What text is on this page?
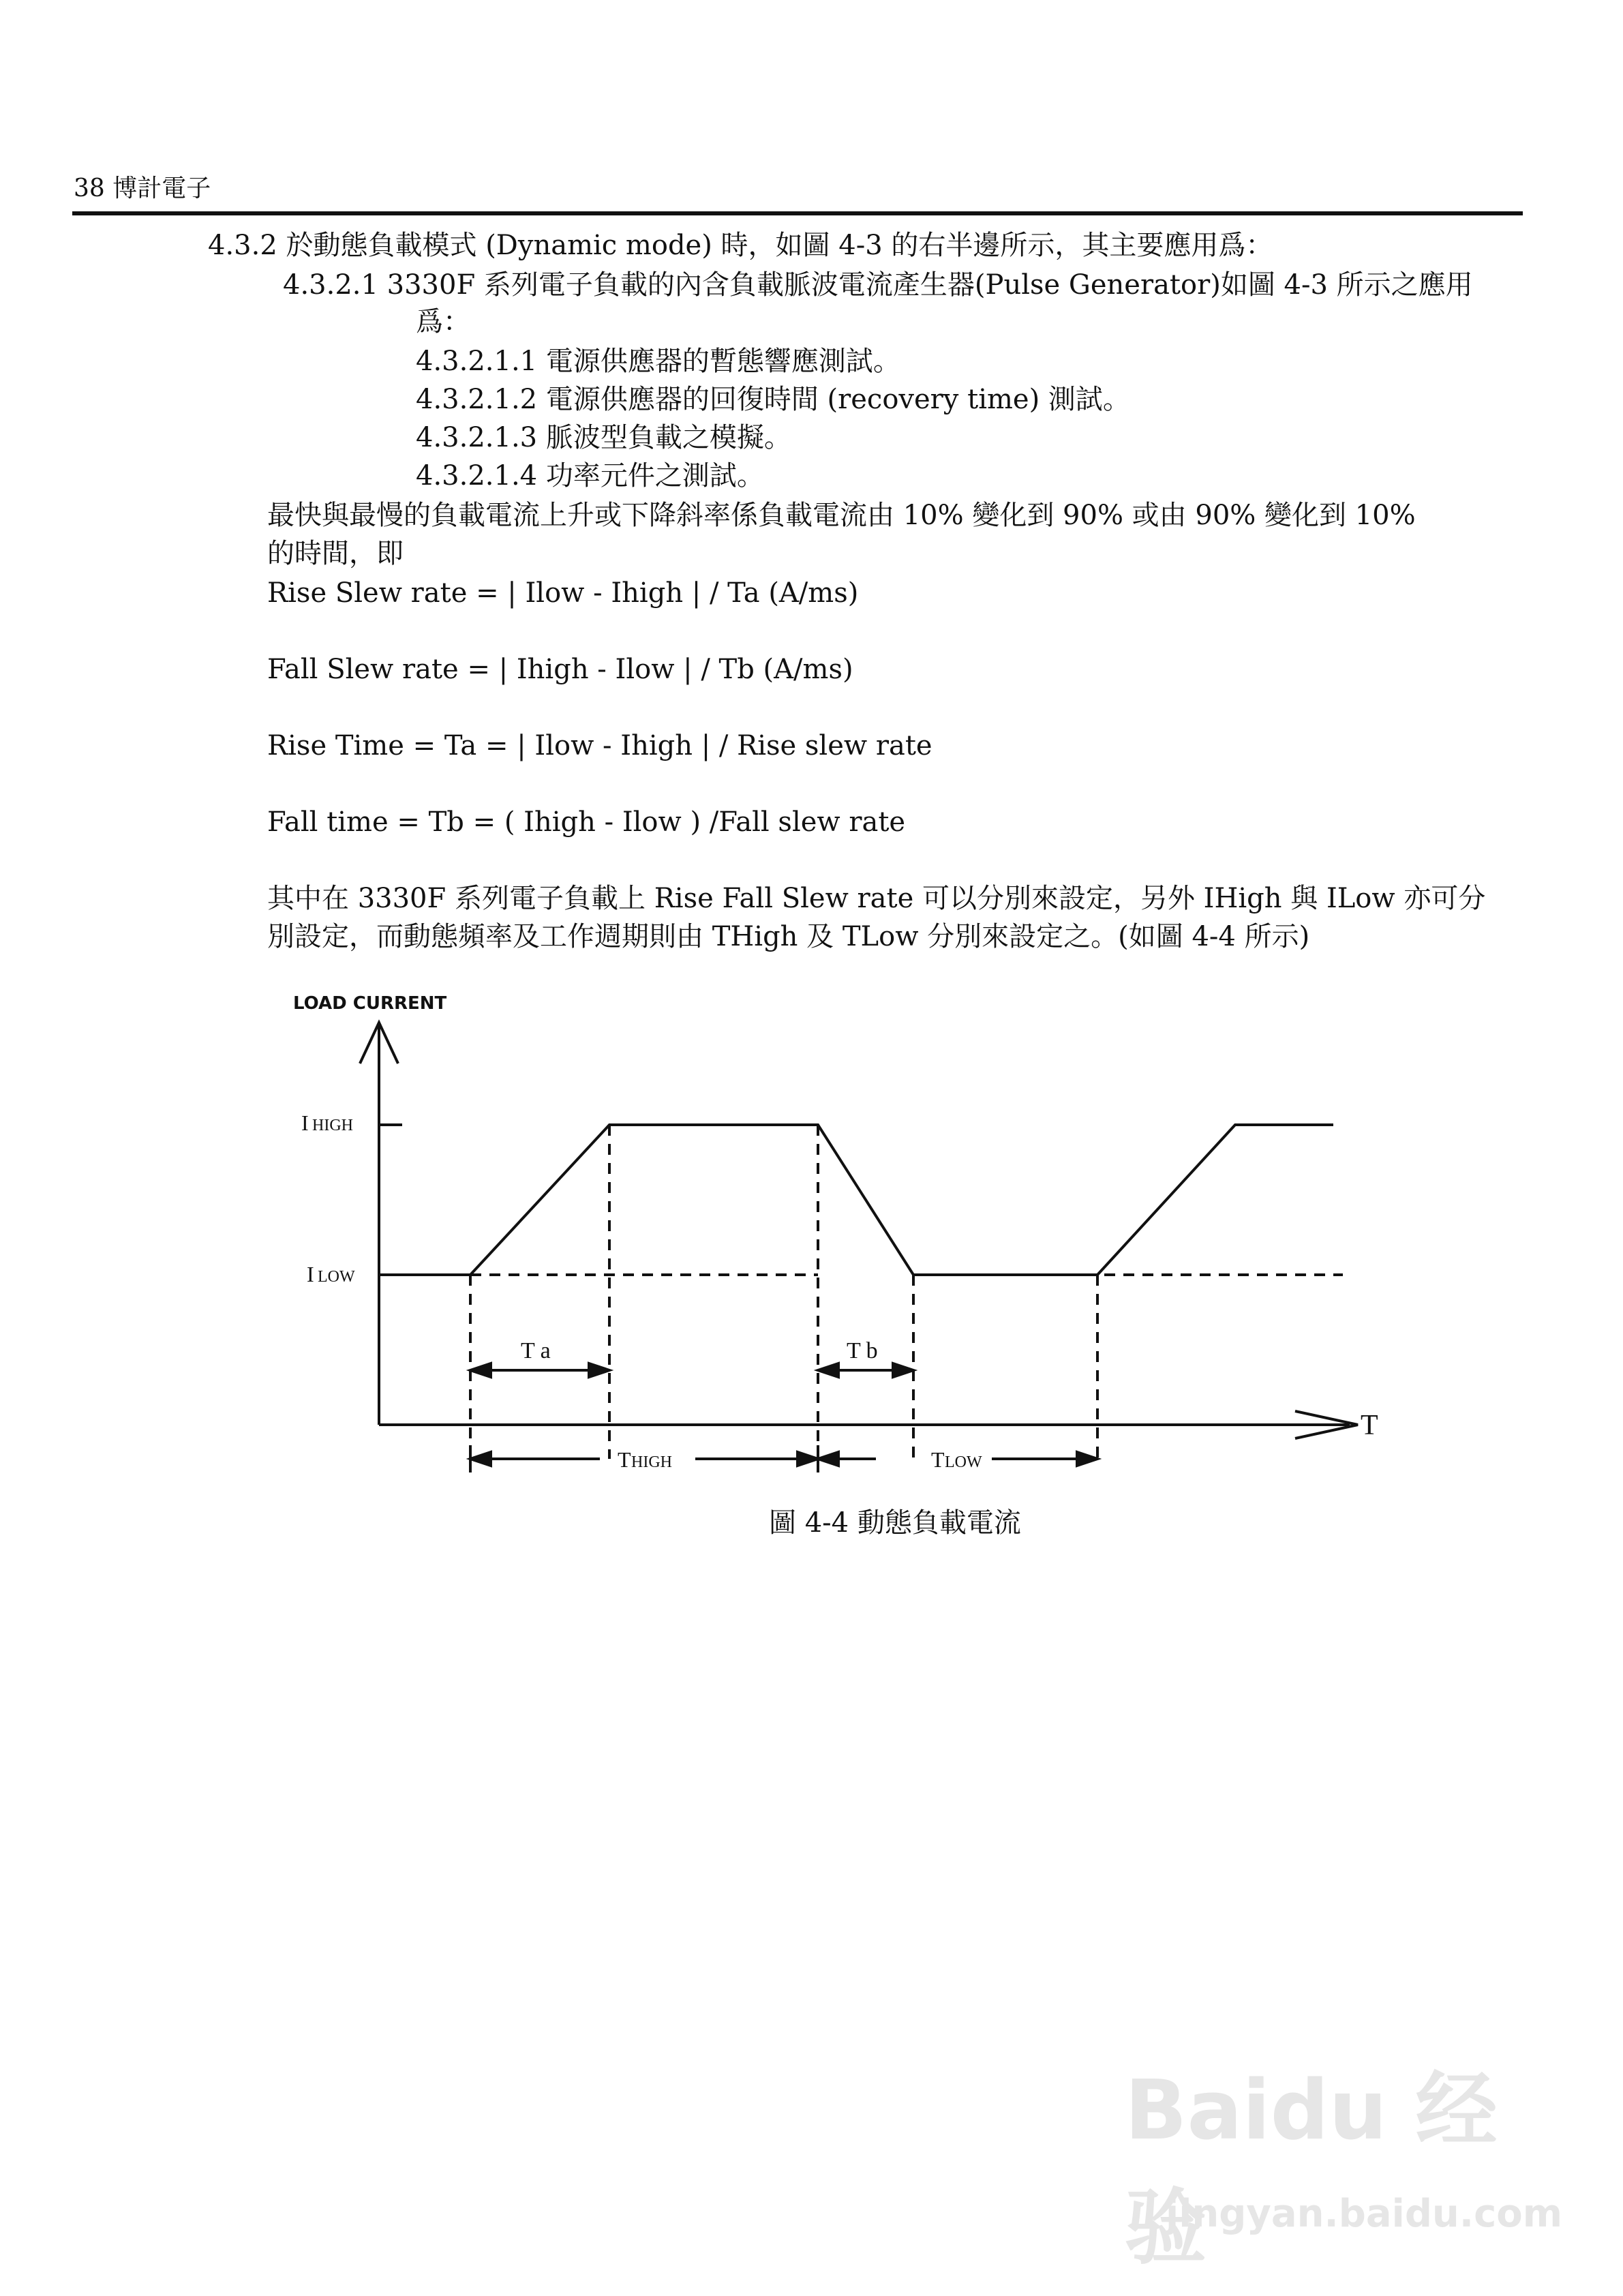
38 博計電子
4.3.2 於動態負載模式 (Dynamic mode) 時，如圖 4-3 的右半邊所示，其主要應用爲：
4.3.2.1 3330F 系列電子負載的內含負載脈波電流產生器(Pulse Generator)如圖 4-3 所示之應用
爲：
4.3.2.1.1 電源供應器的暫態響應測試。
4.3.2.1.2 電源供應器的回復時間 (recovery time) 測試。
4.3.2.1.3 脈波型負載之模擬。
4.3.2.1.4 功率元件之測試。
最快與最慢的負載電流上升或下降斜率係負載電流由 10% 變化到 90% 或由 90% 變化到 10%
的時間，即
Rise Slew rate = | Ilow - Ihigh | / Ta (A/ms)
Fall Slew rate = | Ihigh - Ilow | / Tb (A/ms)
Rise Time = Ta = | Ilow - Ihigh | / Rise slew rate
Fall time = Tb = ( Ihigh - Ilow ) /Fall slew rate
其中在 3330F 系列電子負載上 Rise Fall Slew rate 可以分別來設定，另外 IHigh 與 ILow 亦可分
別設定，而動態頻率及工作週期則由 THigh 及 TLow 分別來設定之。(如圖 4-4 所示)
LOAD CURRENT
T
I HIGH
I LOW
T a	T b
T HIGH	T LOW
圖 4-4 動態負載電流
Baidu 经验
jingyan.baidu.com
